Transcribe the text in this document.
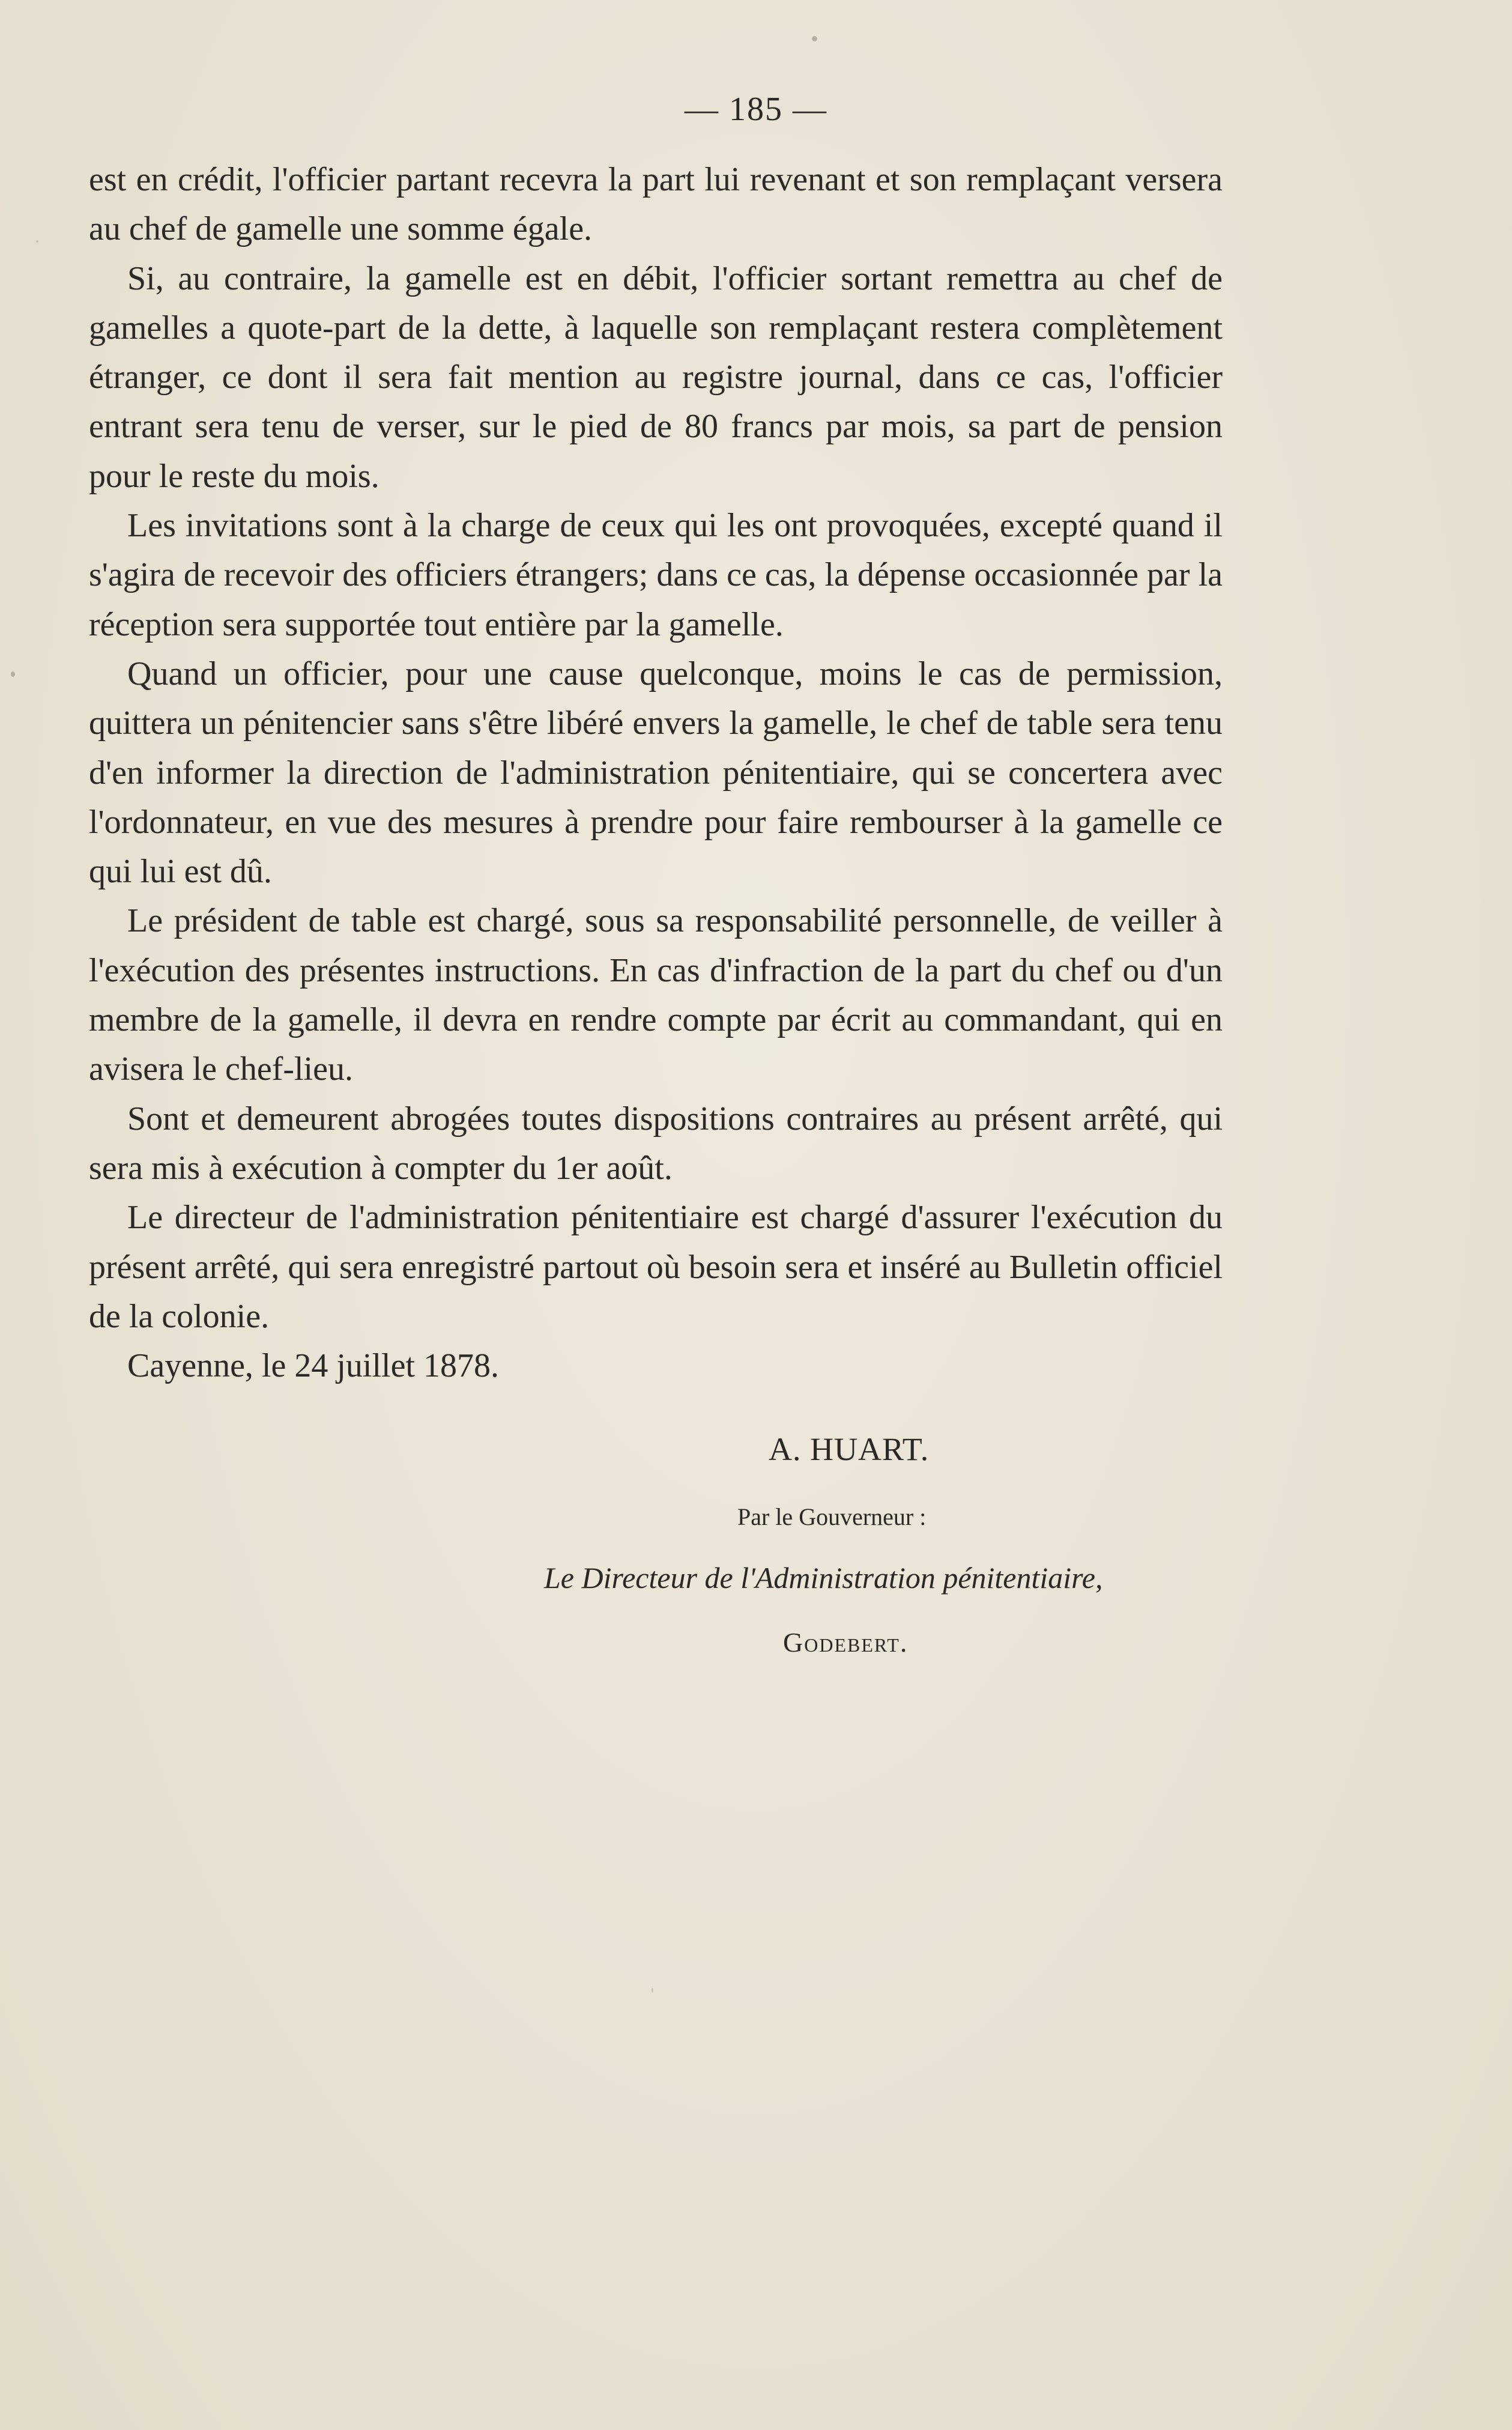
— 185 —

est en crédit, l'officier partant recevra la part lui revenant et son remplaçant versera au chef de gamelle une somme égale.

Si, au contraire, la gamelle est en débit, l'officier sortant remettra au chef de gamelles a quote-part de la dette, à laquelle son remplaçant restera complètement étranger, ce dont il sera fait mention au registre journal, dans ce cas, l'officier entrant sera tenu de verser, sur le pied de 80 francs par mois, sa part de pension pour le reste du mois.

Les invitations sont à la charge de ceux qui les ont provoquées, excepté quand il s'agira de recevoir des officiers étrangers; dans ce cas, la dépense occasionnée par la réception sera supportée tout entière par la gamelle.

Quand un officier, pour une cause quelconque, moins le cas de permission, quittera un pénitencier sans s'être libéré envers la gamelle, le chef de table sera tenu d'en informer la direction de l'administration pénitentiaire, qui se concertera avec l'ordonnateur, en vue des mesures à prendre pour faire rembourser à la gamelle ce qui lui est dû.

Le président de table est chargé, sous sa responsabilité personnelle, de veiller à l'exécution des présentes instructions. En cas d'infraction de la part du chef ou d'un membre de la gamelle, il devra en rendre compte par écrit au commandant, qui en avisera le chef-lieu.

Sont et demeurent abrogées toutes dispositions contraires au présent arrêté, qui sera mis à exécution à compter du 1er août.

Le directeur de l'administration pénitentiaire est chargé d'assurer l'exécution du présent arrêté, qui sera enregistré partout où besoin sera et inséré au Bulletin officiel de la colonie.

Cayenne, le 24 juillet 1878.

A. HUART.
Par le Gouverneur :
Le Directeur de l'Administration pénitentiaire,
Godebert.
